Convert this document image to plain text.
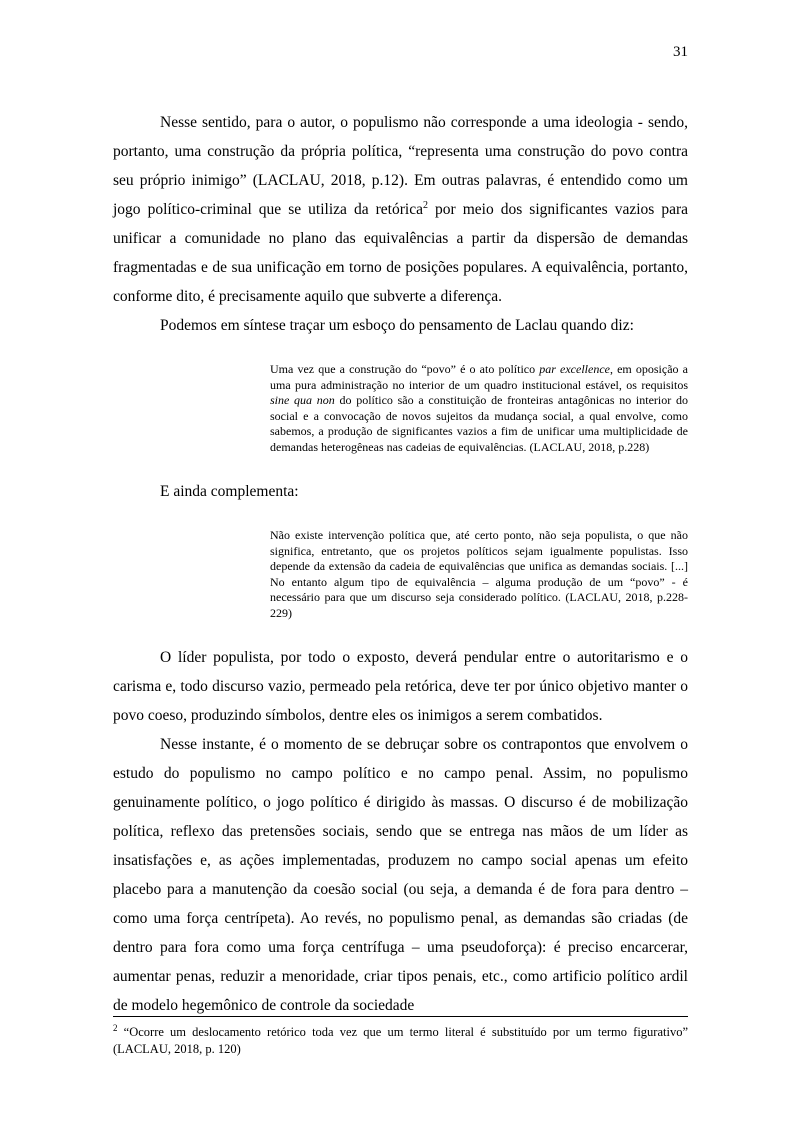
31

Nesse sentido, para o autor, o populismo não corresponde a uma ideologia - sendo, portanto, uma construção da própria política, “representa uma construção do povo contra seu próprio inimigo” (LACLAU, 2018, p.12). Em outras palavras, é entendido como um jogo político-criminal que se utiliza da retórica$^2$ por meio dos significantes vazios para unificar a comunidade no plano das equivalências a partir da dispersão de demandas fragmentadas e de sua unificação em torno de posições populares. A equivalência, portanto, conforme dito, é precisamente aquilo que subverte a diferença.

Podemos em síntese traçar um esboço do pensamento de Laclau quando diz:

Uma vez que a construção do “povo” é o ato político par excellence, em oposição a uma pura administração no interior de um quadro institucional estável, os requisitos sine qua non do político são a constituição de fronteiras antagônicas no interior do social e a convocação de novos sujeitos da mudança social, a qual envolve, como sabemos, a produção de significantes vazios a fim de unificar uma multiplicidade de demandas heterogêneas nas cadeias de equivalências. (LACLAU, 2018, p.228)

E ainda complementa:

Não existe intervenção política que, até certo ponto, não seja populista, o que não significa, entretanto, que os projetos políticos sejam igualmente populistas. Isso depende da extensão da cadeia de equivalências que unifica as demandas sociais. [...] No entanto algum tipo de equivalência – alguma produção de um “povo” - é necessário para que um discurso seja considerado político. (LACLAU, 2018, p.228-229)

O líder populista, por todo o exposto, deverá pendular entre o autoritarismo e o carisma e, todo discurso vazio, permeado pela retórica, deve ter por único objetivo manter o povo coeso, produzindo símbolos, dentre eles os inimigos a serem combatidos.

Nesse instante, é o momento de se debruçar sobre os contrapontos que envolvem o estudo do populismo no campo político e no campo penal. Assim, no populismo genuinamente político, o jogo político é dirigido às massas. O discurso é de mobilização política, reflexo das pretensões sociais, sendo que se entrega nas mãos de um líder as insatisfações e, as ações implementadas, produzem no campo social apenas um efeito placebo para a manutenção da coesão social (ou seja, a demanda é de fora para dentro – como uma força centrípeta). Ao revés, no populismo penal, as demandas são criadas (de dentro para fora como uma força centrífuga – uma pseudoforça): é preciso encarcerar, aumentar penas, reduzir a menoridade, criar tipos penais, etc., como artificio político ardil de modelo hegemônico de controle da sociedade

$^2$ “Ocorre um deslocamento retórico toda vez que um termo literal é substituído por um termo figurativo” (LACLAU, 2018, p. 120)
